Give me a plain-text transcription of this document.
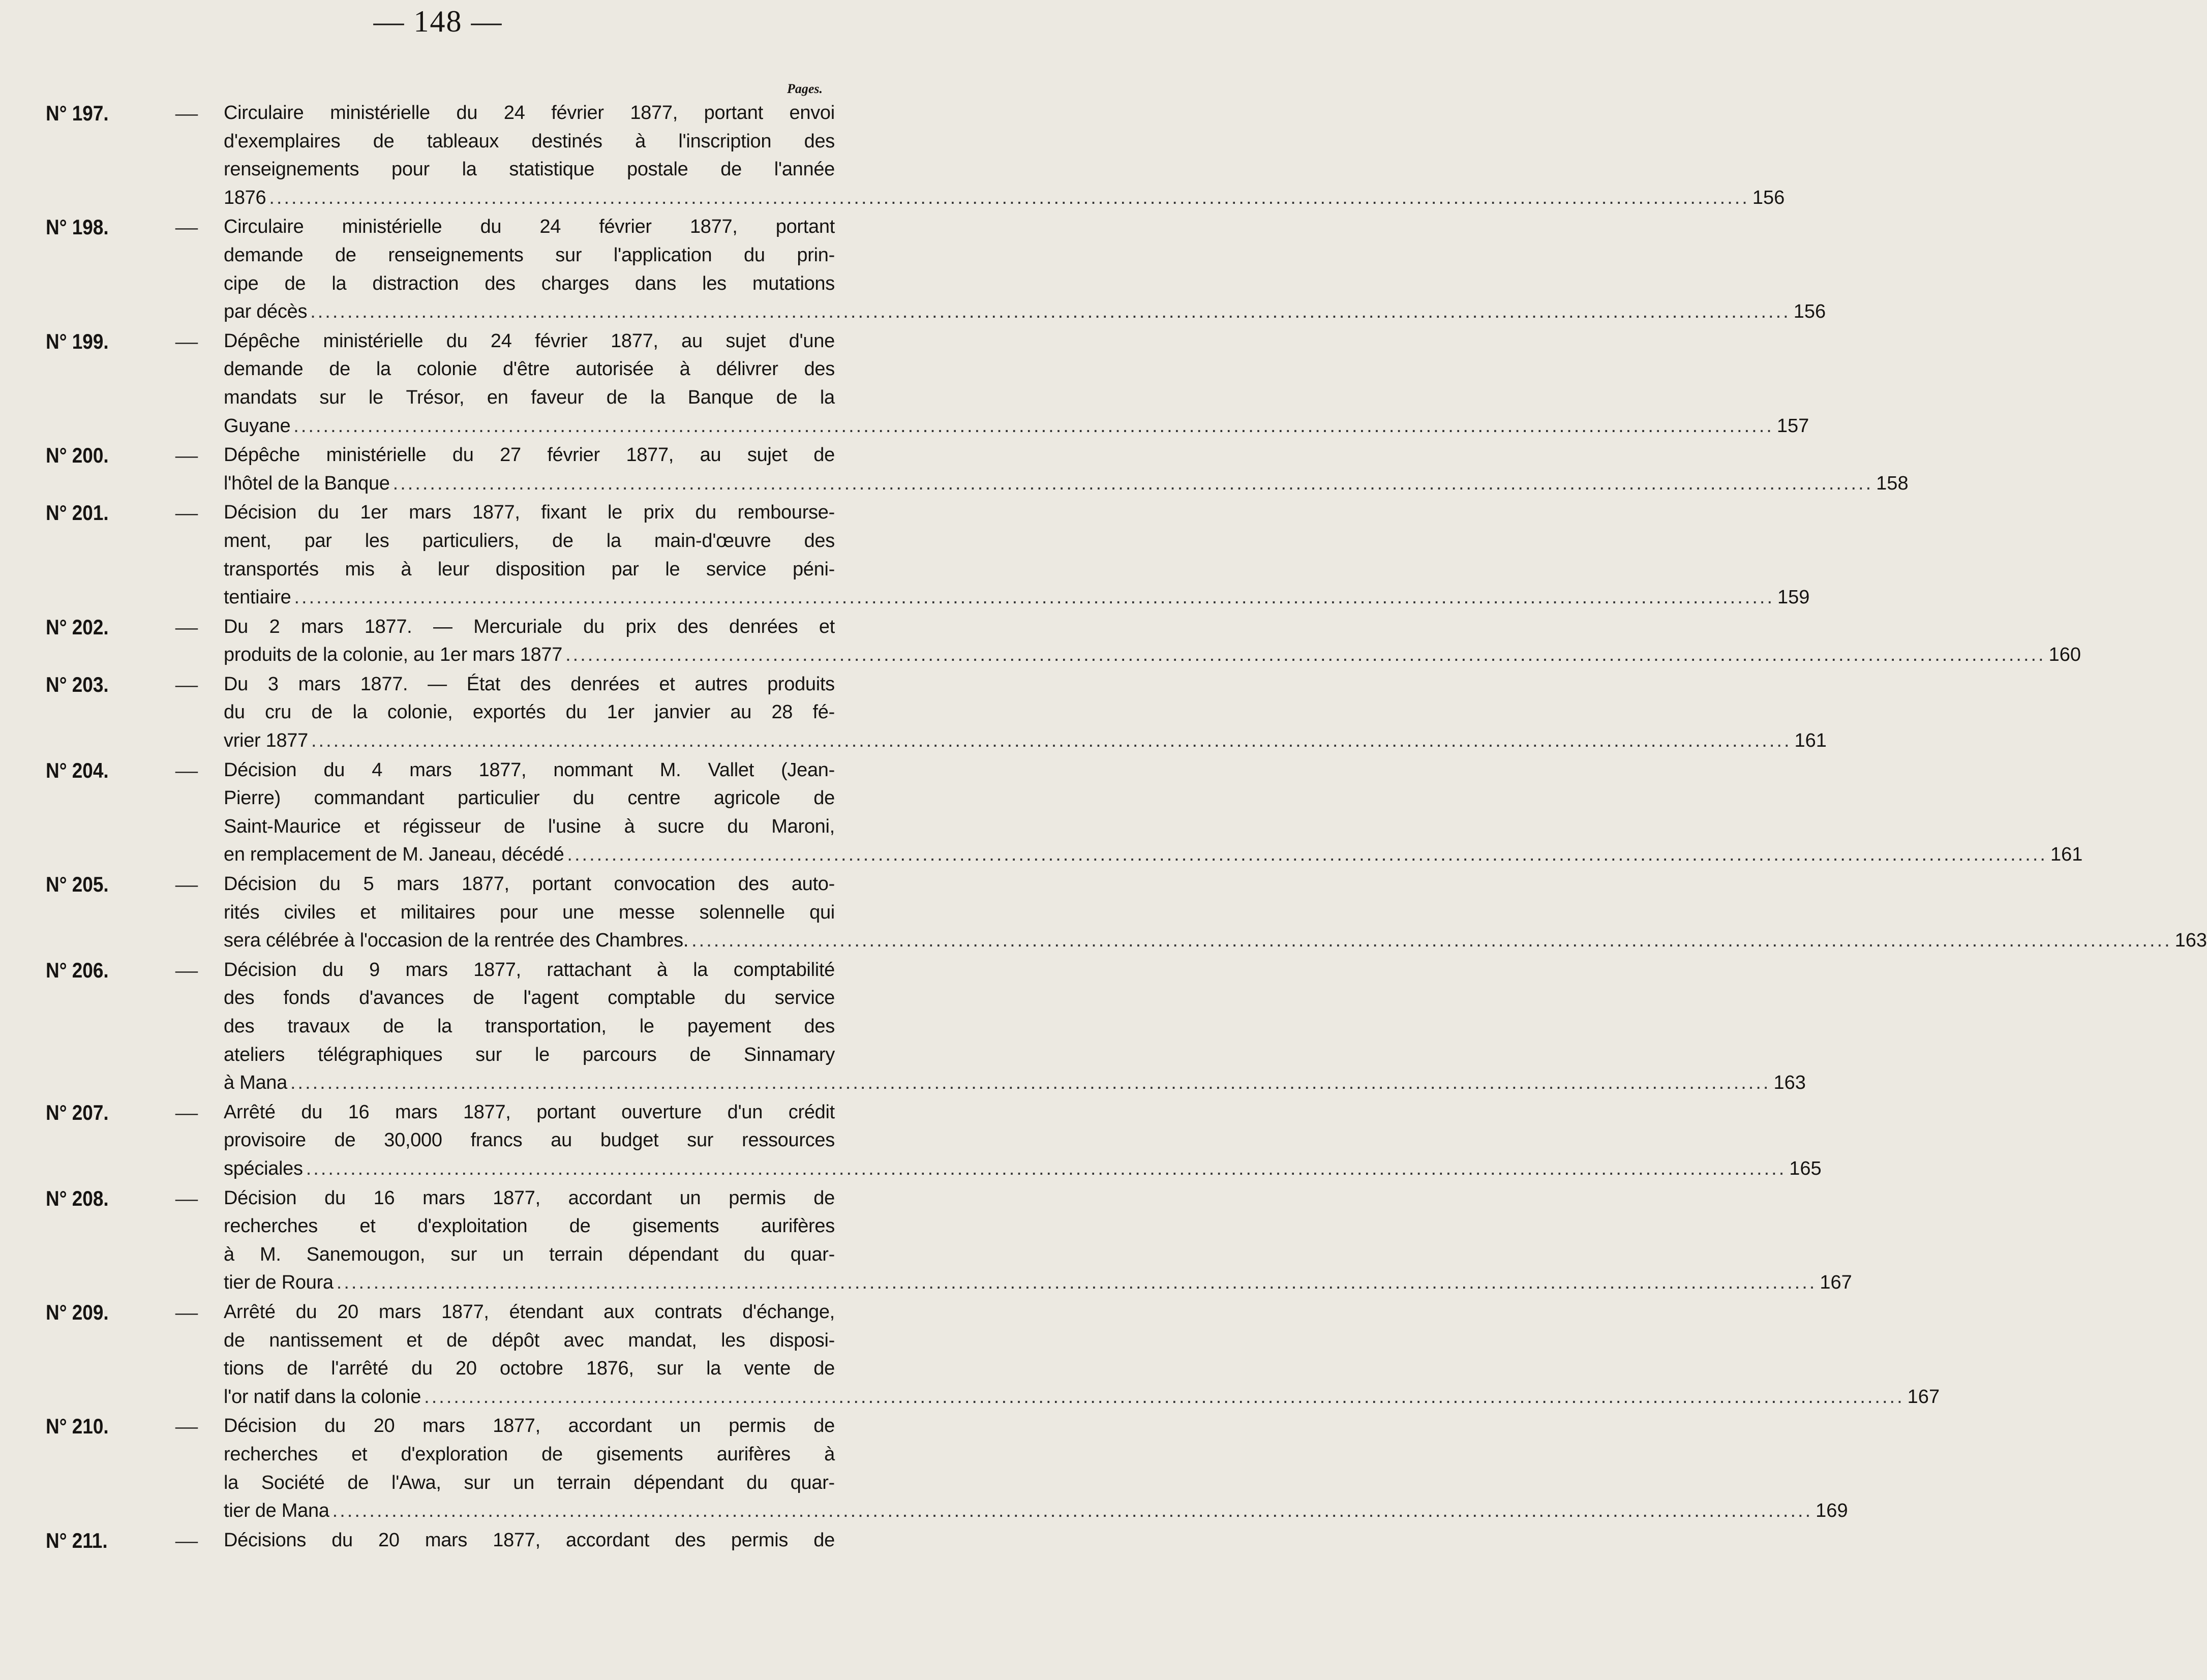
— 148 —
Pages.
N° 197.	— Circulaire ministérielle du 24 février 1877, portant envoi
d'exemplaires de tableaux destinés à l'inscription des
renseignements pour la statistique postale de l'année
1876 ........................................................................................................................................................................................................ 156
N° 198.	— Circulaire ministérielle du 24 février 1877, portant
demande de renseignements sur l'application du prin-
cipe de la distraction des charges dans les mutations
par décès ........................................................................................................................................................................................................ 156
N° 199.	— Dépêche ministérielle du 24 février 1877, au sujet d'une
demande de la colonie d'être autorisée à délivrer des
mandats sur le Trésor, en faveur de la Banque de la
Guyane ........................................................................................................................................................................................................ 157
N° 200.	— Dépêche ministérielle du 27 février 1877, au sujet de
l'hôtel de la Banque ........................................................................................................................................................................................................ 158
N° 201.	— Décision du 1er mars 1877, fixant le prix du rembourse-
ment, par les particuliers, de la main-d'œuvre des
transportés mis à leur disposition par le service péni-
tentiaire ........................................................................................................................................................................................................ 159
N° 202.	— Du 2 mars 1877. — Mercuriale du prix des denrées et
produits de la colonie, au 1er mars 1877 ........................................................................................................................................................................................................ 160
N° 203.	— Du 3 mars 1877. — État des denrées et autres produits
du cru de la colonie, exportés du 1er janvier au 28 fé-
vrier 1877 ........................................................................................................................................................................................................ 161
N° 204.	— Décision du 4 mars 1877, nommant M. Vallet (Jean-
Pierre) commandant particulier du centre agricole de
Saint-Maurice et régisseur de l'usine à sucre du Maroni,
en remplacement de M. Janeau, décédé ........................................................................................................................................................................................................ 161
N° 205.	— Décision du 5 mars 1877, portant convocation des auto-
rités civiles et militaires pour une messe solennelle qui
sera célébrée à l'occasion de la rentrée des Chambres. ........................................................................................................................................................................................................ 163
N° 206.	— Décision du 9 mars 1877, rattachant à la comptabilité
des fonds d'avances de l'agent comptable du service
des travaux de la transportation, le payement des
ateliers télégraphiques sur le parcours de Sinnamary
à Mana ........................................................................................................................................................................................................ 163
N° 207.	— Arrêté du 16 mars 1877, portant ouverture d'un crédit
provisoire de 30,000 francs au budget sur ressources
spéciales ........................................................................................................................................................................................................ 165
N° 208.	— Décision du 16 mars 1877, accordant un permis de
recherches et d'exploitation de gisements aurifères
à M. Sanemougon, sur un terrain dépendant du quar-
tier de Roura ........................................................................................................................................................................................................ 167
N° 209.	— Arrêté du 20 mars 1877, étendant aux contrats d'échange,
de nantissement et de dépôt avec mandat, les disposi-
tions de l'arrêté du 20 octobre 1876, sur la vente de
l'or natif dans la colonie ........................................................................................................................................................................................................ 167
N° 210.	— Décision du 20 mars 1877, accordant un permis de
recherches et d'exploration de gisements aurifères à
la Société de l'Awa, sur un terrain dépendant du quar-
tier de Mana ........................................................................................................................................................................................................ 169
N° 211.	— Décisions du 20 mars 1877, accordant des permis de
